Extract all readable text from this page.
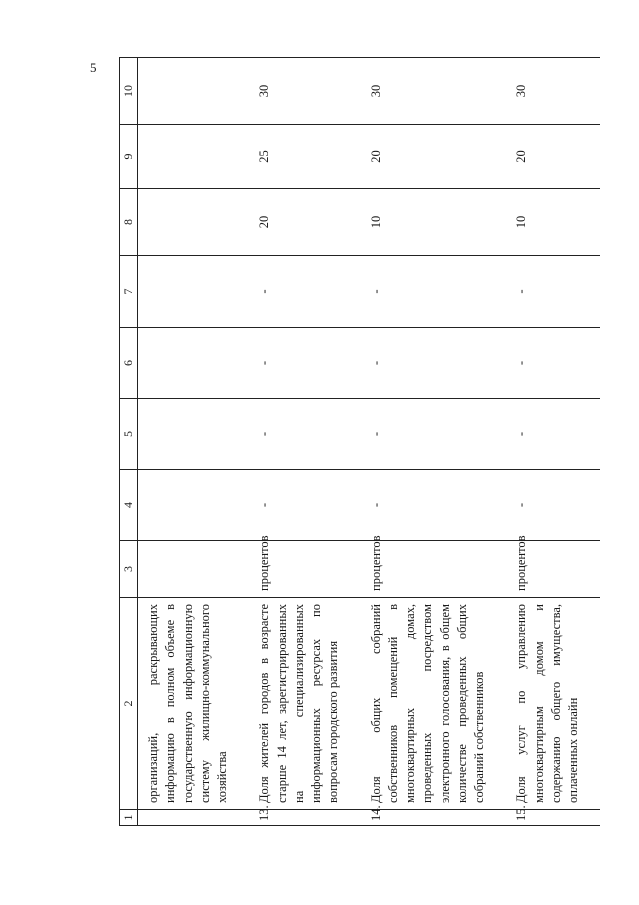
5
1	2	3	4	5	6	7	8	9	10

	организаций, раскрывающих информацию в полном объеме в государственную информационную систему жилищно-коммунального хозяйства								

13.	Доля жителей городов в возрасте старше 14 лет, зарегистрированных на специализированных информационных ресурсах по вопросам городского развития	процентов	-	-	-	-	20	25	30
14.	Доля общих собраний собственников помещений в многоквартирных домах, проведенных посредством электронного голосования, в общем количестве проведенных общих собраний собственников	процентов	-	-	-	-	10	20	30
15.	Доля услуг по управлению многоквартирным домом и содержанию общего имущества, оплаченных онлайн	процентов	-	-	-	-	10	20	30
